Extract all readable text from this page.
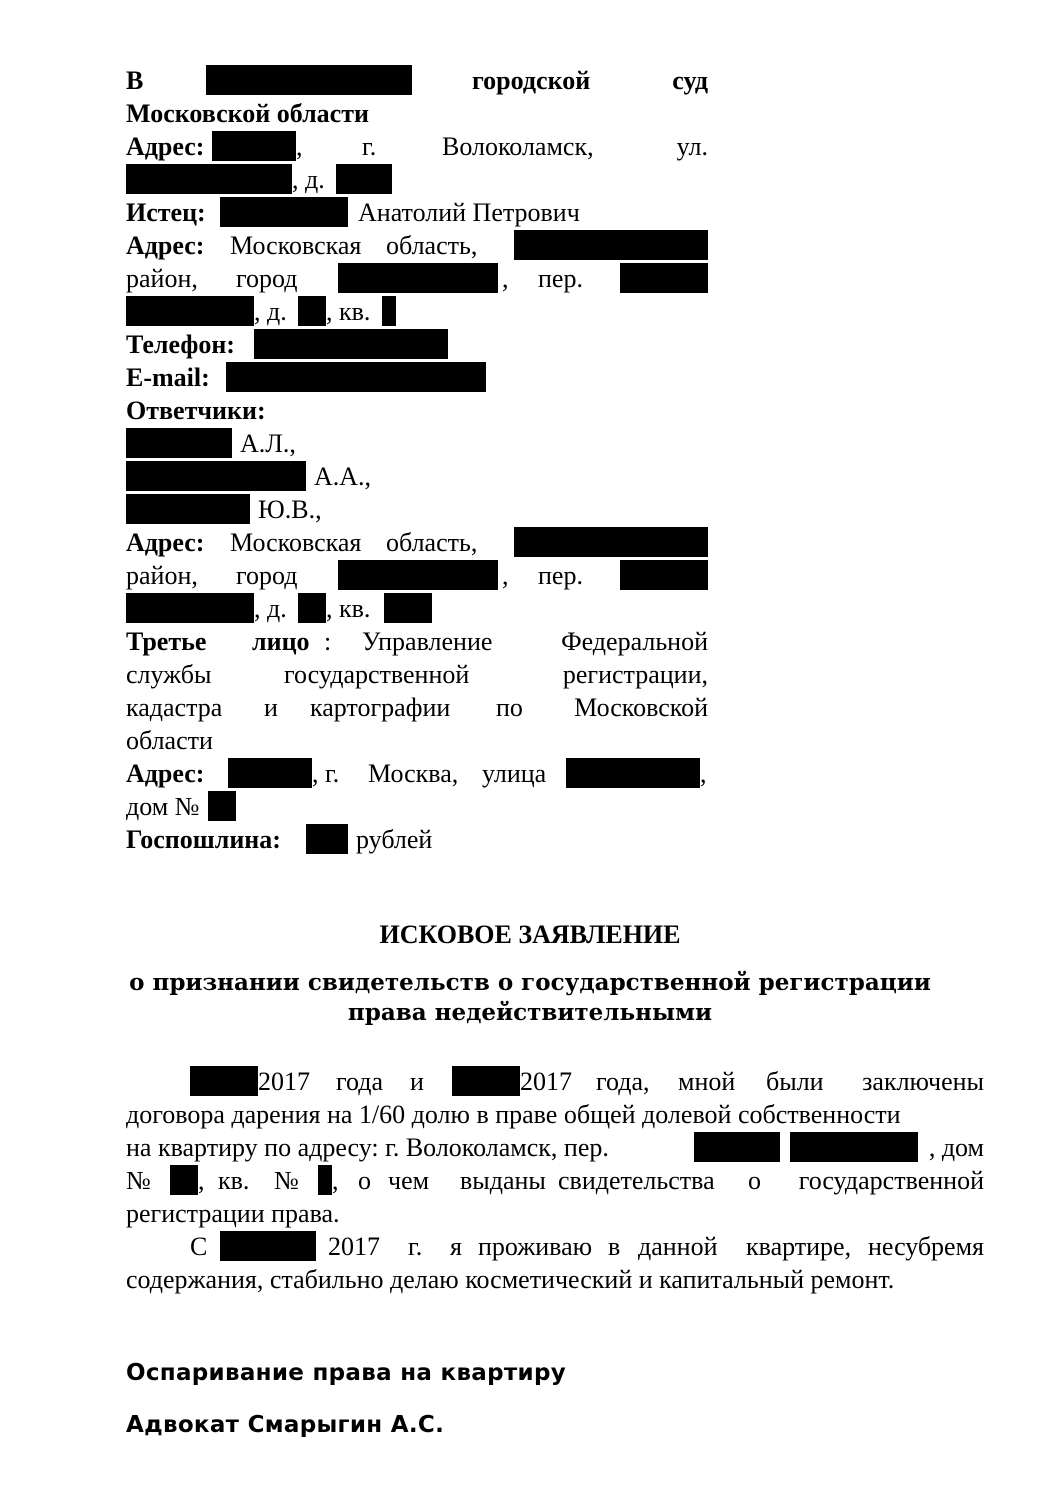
В	городской	суд
Московской области
Адрес:	, г.	Волоколамск,	ул.
, д.
Истец:	Анатолий Петрович
Адрес: Московская область,
район, город	, пер.
, д. , кв.
Телефон:
E-mail:
Ответчики:
А.Л.,
А.А.,
Ю.В.,
Адрес: Московская область,
район, город	, пер.
, д. , кв.
Третье лицо : Управление	Федеральной
службы	государственной	регистрации,
кадастра и картографии по Московской
области
Адрес:	, г. Москва, улица	,
дом №
Госпошлина:	рублей
ИСКОВОЕ ЗАЯВЛЕНИЕ
о признании свидетельств о государственной регистрации
права недействительными
2017 года и	2017 года, мной были заключены
договора дарения на 1/60 долю в праве общей долевой собственности
на квартиру по адресу: г. Волоколамск, пер.	, дом
№ , кв. № , о чем выданы свидетельства о государственной
регистрации права.
С	2017 г. я проживаю в данной квартире, несу бремя
содержания, стабильно делаю косметический и капитальный ремонт.
Оспаривание права на квартиру
Адвокат Смарыгин А.С.
